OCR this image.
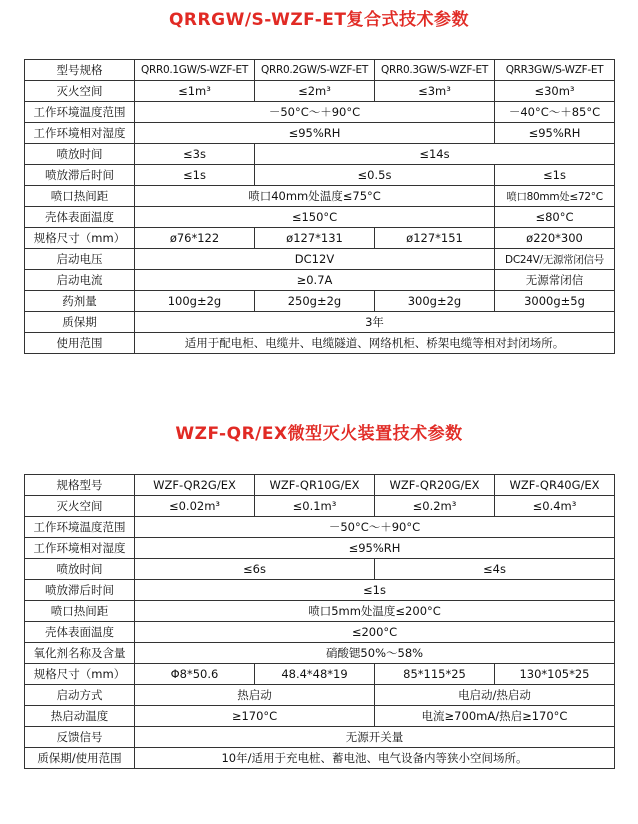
QRRGW/S-WZF-ET复合式技术参数
型号规格	QRR0.1GW/S-WZF-ET	QRR0.2GW/S-WZF-ET	QRR0.3GW/S-WZF-ET	QRR3GW/S-WZF-ET
灭火空间	≤1m³	≤2m³	≤3m³	≤30m³
工作环境温度范围	－50°C～＋90°C			－40°C～＋85°C
工作环境相对湿度	≤95%RH			≤95%RH
喷放时间	≤3s	≤14s		
喷放滞后时间	≤1s	≤0.5s		≤1s
喷口热间距	喷口40mm处温度≤75°C			喷口80mm处≤72°C
壳体表面温度	≤150°C			≤80°C
规格尺寸（mm）	ø76*122	ø127*131	ø127*151	ø220*300
启动电压	DC12V			DC24V/无源常闭信号
启动电流	≥0.7A			无源常闭信
药剂量	100g±2g	250g±2g	300g±2g	3000g±5g
质保期	3年			
使用范围	适用于配电柜、电缆井、电缆隧道、网络机柜、桥架电缆等相对封闭场所。			
WZF-QR/EX微型灭火装置技术参数
规格型号	WZF-QR2G/EX	WZF-QR10G/EX	WZF-QR20G/EX	WZF-QR40G/EX
灭火空间	≤0.02m³	≤0.1m³	≤0.2m³	≤0.4m³
工作环境温度范围	－50°C～＋90°C			
工作环境相对湿度	≤95%RH			
喷放时间	≤6s		≤4s	
喷放滞后时间	≤1s			
喷口热间距	喷口5mm处温度≤200°C			
壳体表面温度	≤200°C			
氧化剂名称及含量	硝酸锶50%～58%			
规格尺寸（mm）	Φ8*50.6	48.4*48*19	85*115*25	130*105*25
启动方式	热启动		电启动/热启动	
热启动温度	≥170°C		电流≥700mA/热启≥170°C	
反馈信号	无源开关量			
质保期/使用范围	10年/适用于充电桩、蓄电池、电气设备内等狭小空间场所。			
